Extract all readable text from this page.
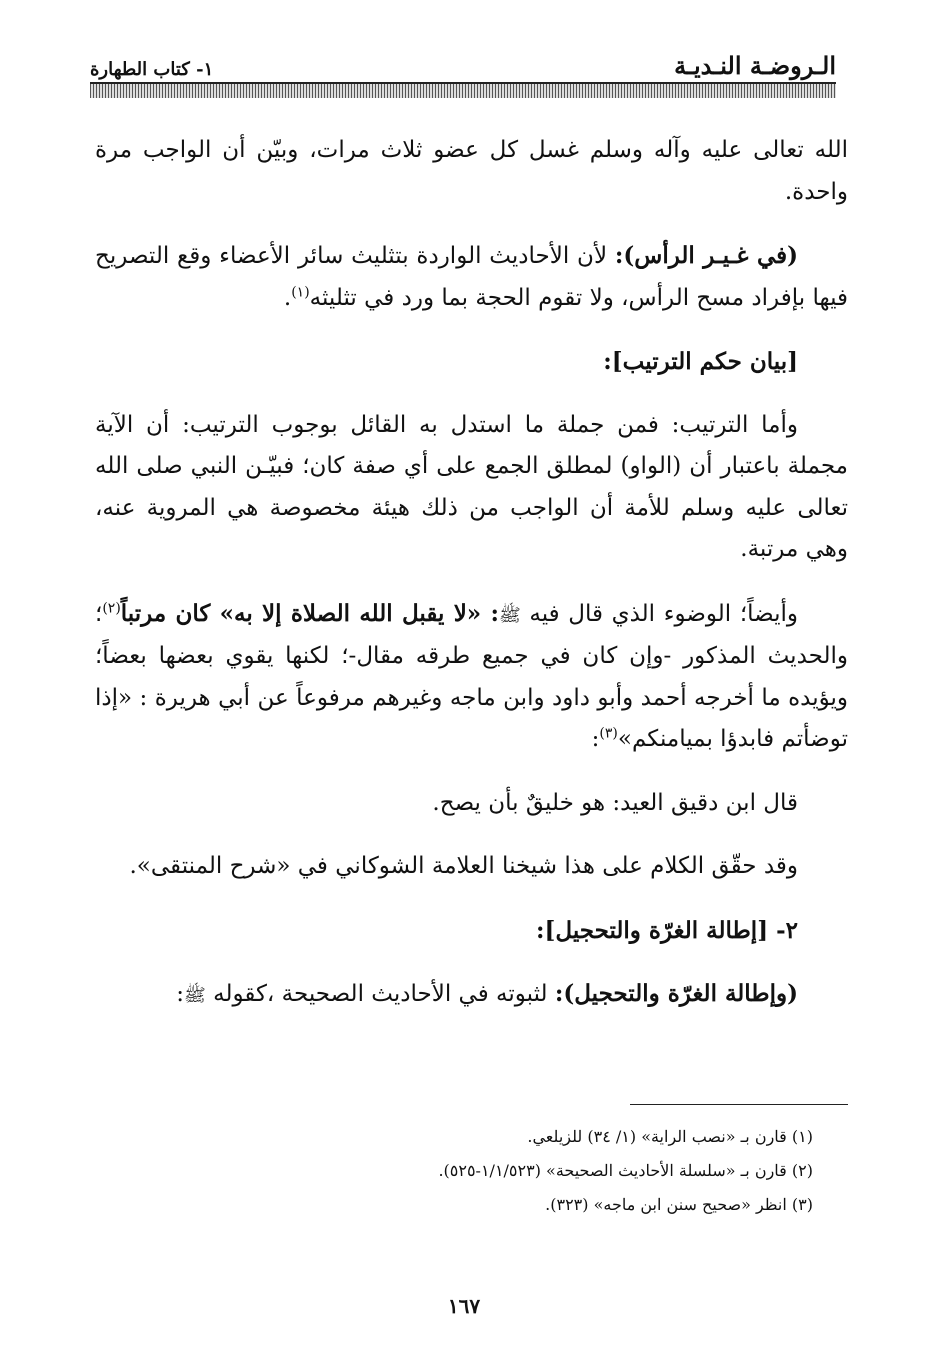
الـروضـة النـديـة
١- كتاب الطهارة

الله تعالى عليه وآله وسلم غسل كل عضو ثلاث مرات، وبيّن أن الواجب مرة واحدة.

(في غـيـر الرأس): لأن الأحاديث الواردة بتثليث سائر الأعضاء وقع التصريح فيها بإفراد مسح الرأس، ولا تقوم الحجة بما ورد في تثليثه$^{(١)}$.

[بيان حكم الترتيب]:

وأما الترتيب: فمن جملة ما استدل به القائل بوجوب الترتيب: أن الآية مجملة باعتبار أن (الواو) لمطلق الجمع على أي صفة كان؛ فبيّـن النبي صلى الله تعالى عليه وسلم للأمة أن الواجب من ذلك هيئة مخصوصة هي المروية عنه، وهي مرتبة.

وأيضاً؛ الوضوء الذي قال فيه ﷺ: «لا يقبل الله الصلاة إلا به» كان مرتباً$^{(٢)}$؛ والحديث المذكور -وإن كان في جميع طرقه مقال-؛ لكنها يقوي بعضها بعضاً؛ ويؤيده ما أخرجه أحمد وأبو داود وابن ماجه وغيرهم مرفوعاً عن أبي هريرة : «إذا توضأتم فابدؤا بميامنكم»$^{(٣)}$:

قال ابن دقيق العيد: هو خليقٌ بأن يصح.

وقد حقّق الكلام على هذا شيخنا العلامة الشوكاني في «شرح المنتقى».

٢- [إطالة الغرّة والتحجيل]:

(وإطالة الغرّة والتحجيل): لثبوته في الأحاديث الصحيحة ،كقوله ﷺ:

(١) قارن بـ «نصب الراية» (١/ ٣٤) للزيلعي.
(٢) قارن بـ «سلسلة الأحاديث الصحيحة» (١/١/٥٢٣-٥٢٥).
(٣) انظر «صحيح سنن ابن ماجه» (٣٢٣).
١٦٧
